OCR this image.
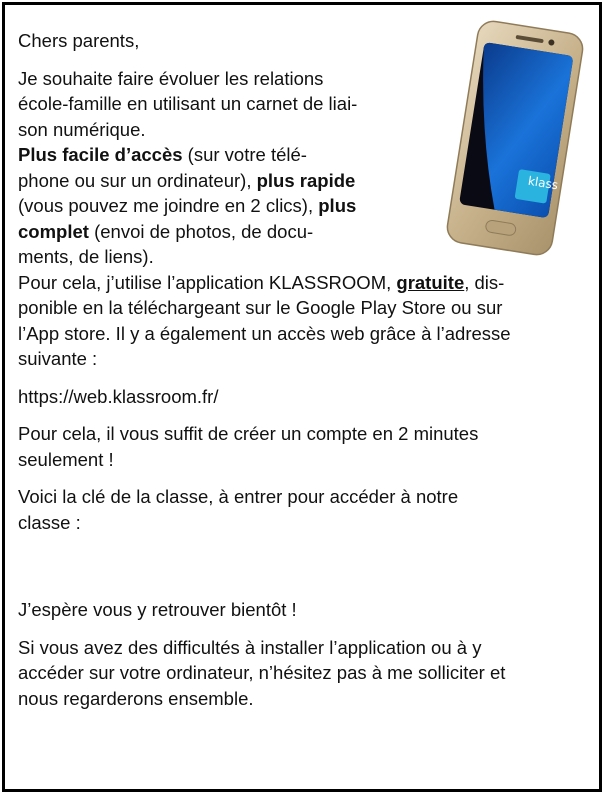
klass

Chers parents,

Je souhaite faire évoluer les relations

école-famille en utilisant un carnet de liai-

son numérique.

Plus facile d’accès (sur votre télé-

phone ou sur un ordinateur), plus rapide

(vous pouvez me joindre en 2 clics), plus

complet (envoi de photos, de docu-

ments, de liens).

Pour cela, j’utilise l’application KLASSROOM, gratuite, dis-

ponible en la téléchargeant sur le Google Play Store ou sur

l’App store. Il y a également un accès web grâce à l’adresse

suivante :

https://web.klassroom.fr/

Pour cela, il vous suffit de créer un compte en 2 minutes

seulement !

Voici la clé de la classe, à entrer pour accéder à notre

classe :

J’espère vous y retrouver bientôt !

Si vous avez des difficultés à installer l’application ou à y

accéder sur votre ordinateur, n’hésitez pas à me solliciter et

nous regarderons ensemble.
